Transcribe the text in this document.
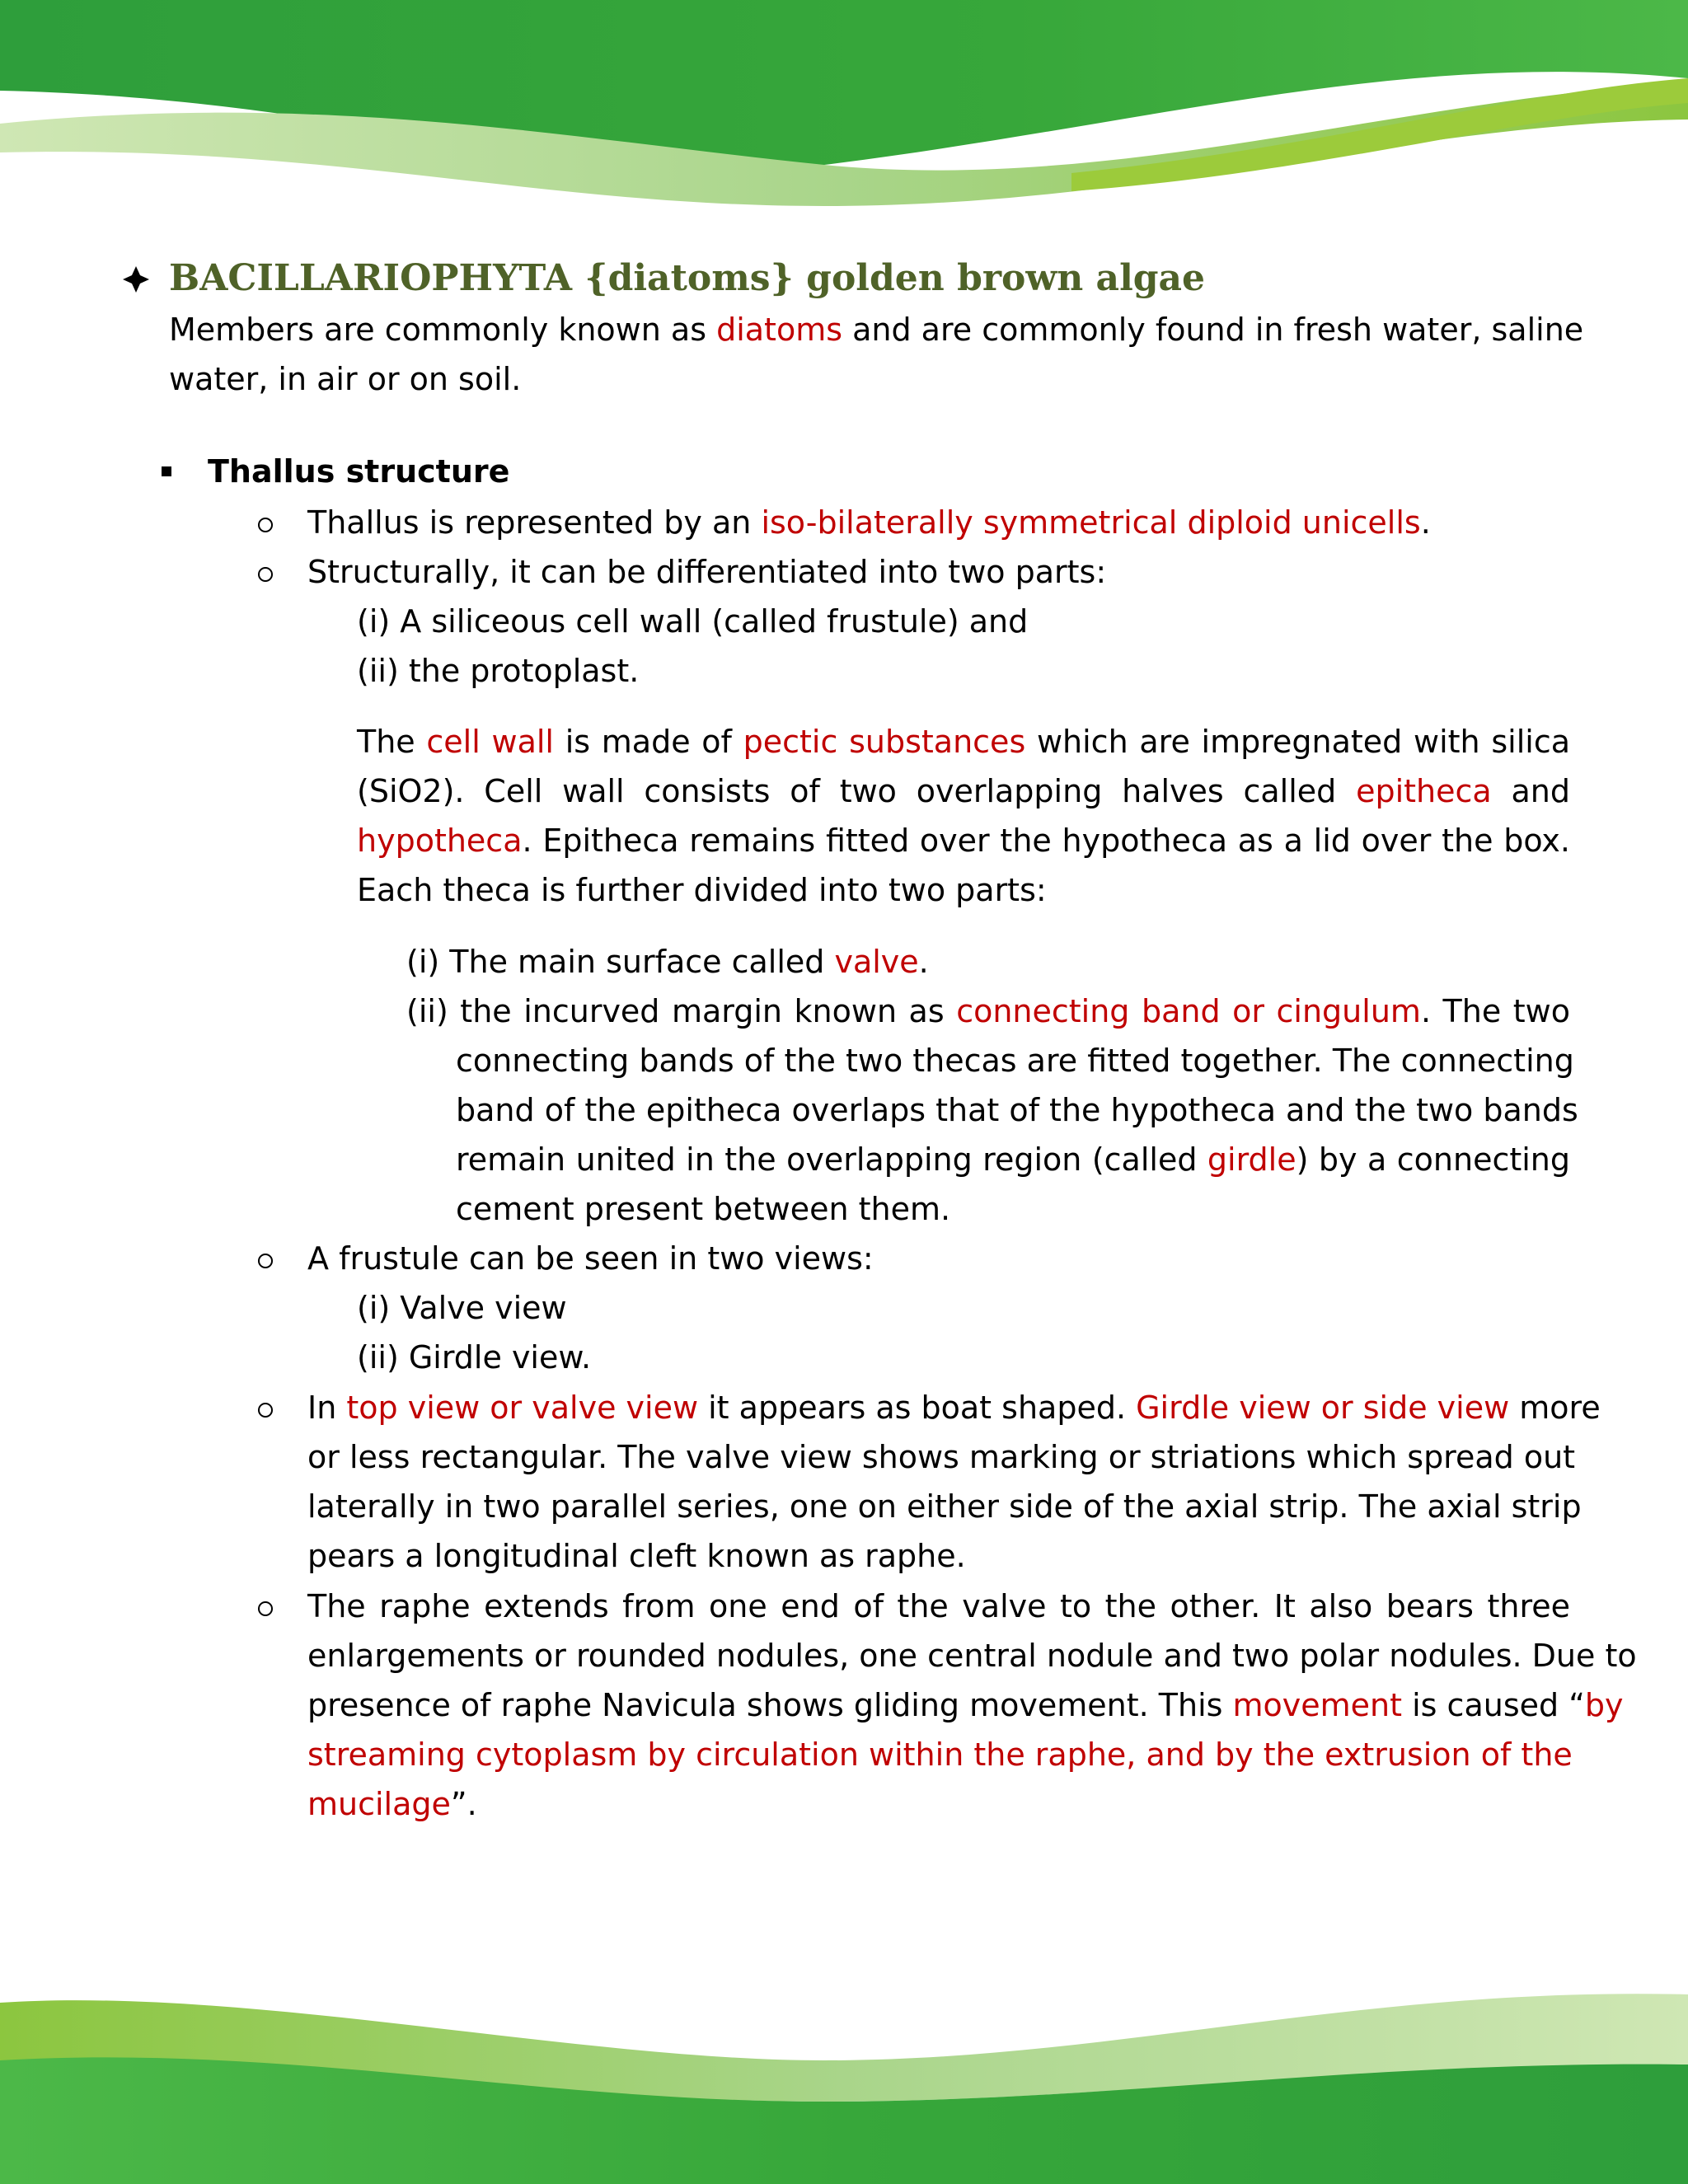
BACILLARIOPHYTA {diatoms} golden brown algae

Members are commonly known as diatoms and are commonly found in fresh water, saline

water, in air or on soil.

Thallus structure

Thallus is represented by an iso-bilaterally symmetrical diploid unicells.

Structurally, it can be differentiated into two parts:

(i) A siliceous cell wall (called frustule) and

(ii) the protoplast.

The cell wall is made of pectic substances which are impregnated with silica

(SiO2). Cell wall consists of two overlapping halves called epitheca and

hypotheca. Epitheca remains fitted over the hypotheca as a lid over the box.

Each theca is further divided into two parts:

(i) The main surface called valve.

(ii) the incurved margin known as connecting band or cingulum. The two

connecting bands of the two thecas are fitted together. The connecting

band of the epitheca overlaps that of the hypotheca and the two bands

remain united in the overlapping region (called girdle) by a connecting

cement present between them.

A frustule can be seen in two views:

(i) Valve view

(ii) Girdle view.

In top view or valve view it appears as boat shaped. Girdle view or side view more

or less rectangular. The valve view shows marking or striations which spread out

laterally in two parallel series, one on either side of the axial strip. The axial strip

pears a longitudinal cleft known as raphe.

The raphe extends from one end of the valve to the other. It also bears three

enlargements or rounded nodules, one central nodule and two polar nodules. Due to

presence of raphe Navicula shows gliding movement. This movement is caused “by

streaming cytoplasm by circulation within the raphe, and by the extrusion of the

mucilage”.
